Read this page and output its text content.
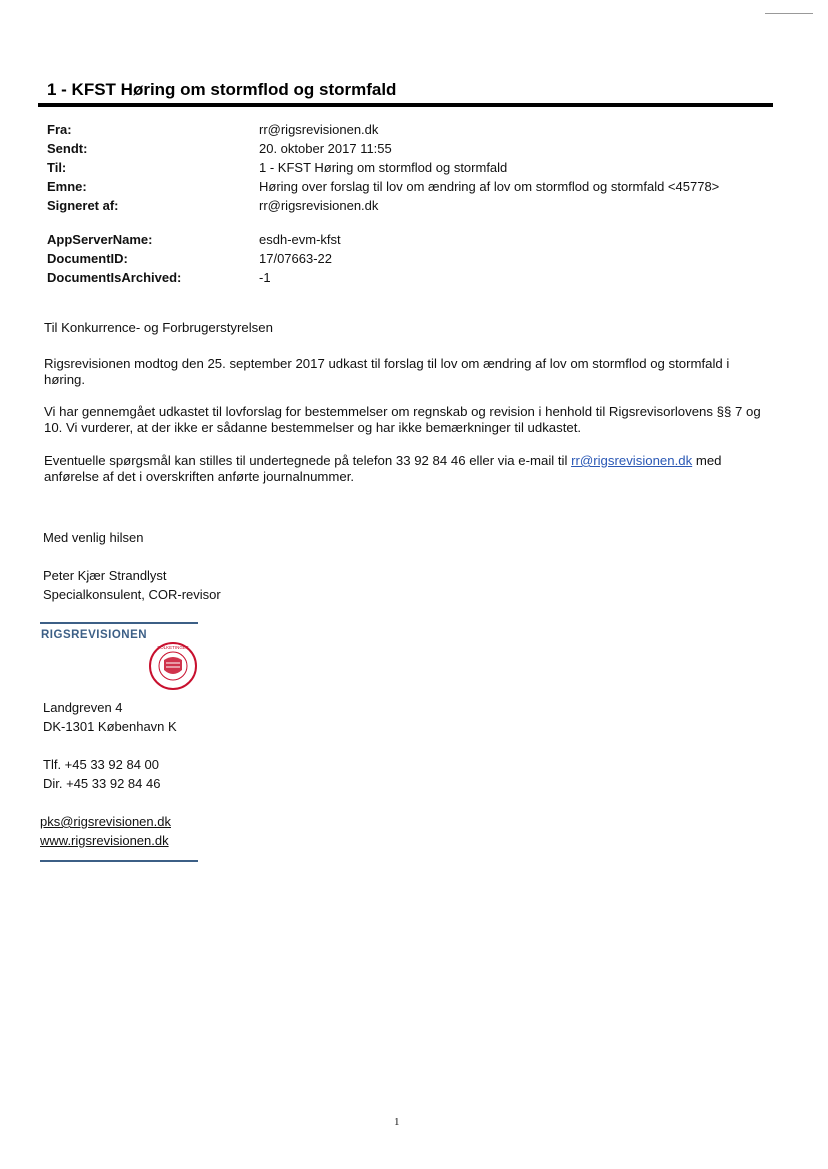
1 - KFST Høring om stormflod og stormfald
Fra:	rr@rigsrevisionen.dk
Sendt:	20. oktober 2017 11:55
Til:	1 - KFST Høring om stormflod og stormfald
Emne:	Høring over forslag til lov om ændring af lov om stormflod og stormfald <45778>
Signeret af:	rr@rigsrevisionen.dk
AppServerName:	esdh-evm-kfst
DocumentID:	17/07663-22
DocumentIsArchived:	-1
Til Konkurrence- og Forbrugerstyrelsen
Rigsrevisionen modtog den 25. september 2017 udkast til forslag til lov om ændring af lov om stormflod og stormfald i høring.
Vi har gennemgået udkastet til lovforslag for bestemmelser om regnskab og revision i henhold til Rigsrevisorlovens §§ 7 og 10. Vi vurderer, at der ikke er sådanne bestemmelser og har ikke bemærkninger til udkastet.
Eventuelle spørgsmål kan stilles til undertegnede på telefon 33 92 84 46 eller via e-mail til rr@rigsrevisionen.dk med anførelse af det i overskriften anførte journalnummer.
Med venlig hilsen
Peter Kjær Strandlyst
Specialkonsulent, COR-revisor
RIGSREVISIONEN
FOLKETINGET
Landgreven 4
DK-1301 København K
Tlf. +45 33 92 84 00
Dir. +45 33 92 84 46
pks@rigsrevisionen.dk
www.rigsrevisionen.dk
1
